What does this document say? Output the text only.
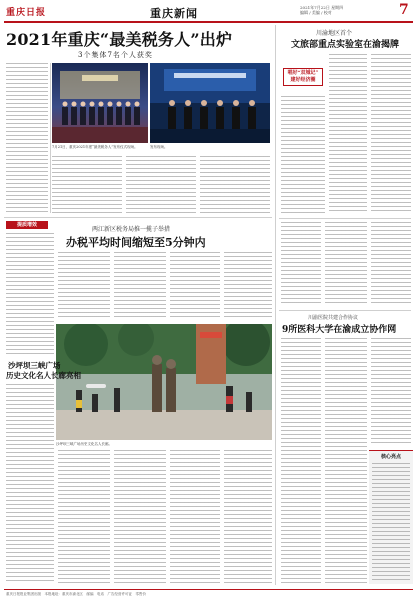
重庆日报	重庆新闻	2021年7月22日 星期四
编辑 / 美编 / 校对	7
2021年重庆“最美税务人”出炉
3个集体7名个人获奖
7月21日，重庆2021年度“最美税务人”发布仪式现场。	发布现场。
唱好“双城记”
建好经济圈
川渝地区首个
文旅部重点实验室在渝揭牌
提质增效
两江新区税务局推一揽子举措
办税平均时间缩短至5分钟内
沙坪坝三峡广场历史文化名人长廊。
沙坪坝三峡广场
历史文化名人长廊亮相
川渝医院共建合作协议
9所医科大学在渝成立协作网
核心亮点
重庆日报报业集团出版　本报地址：重庆市渝北区　邮编　电话　广告经营许可证　零售价
